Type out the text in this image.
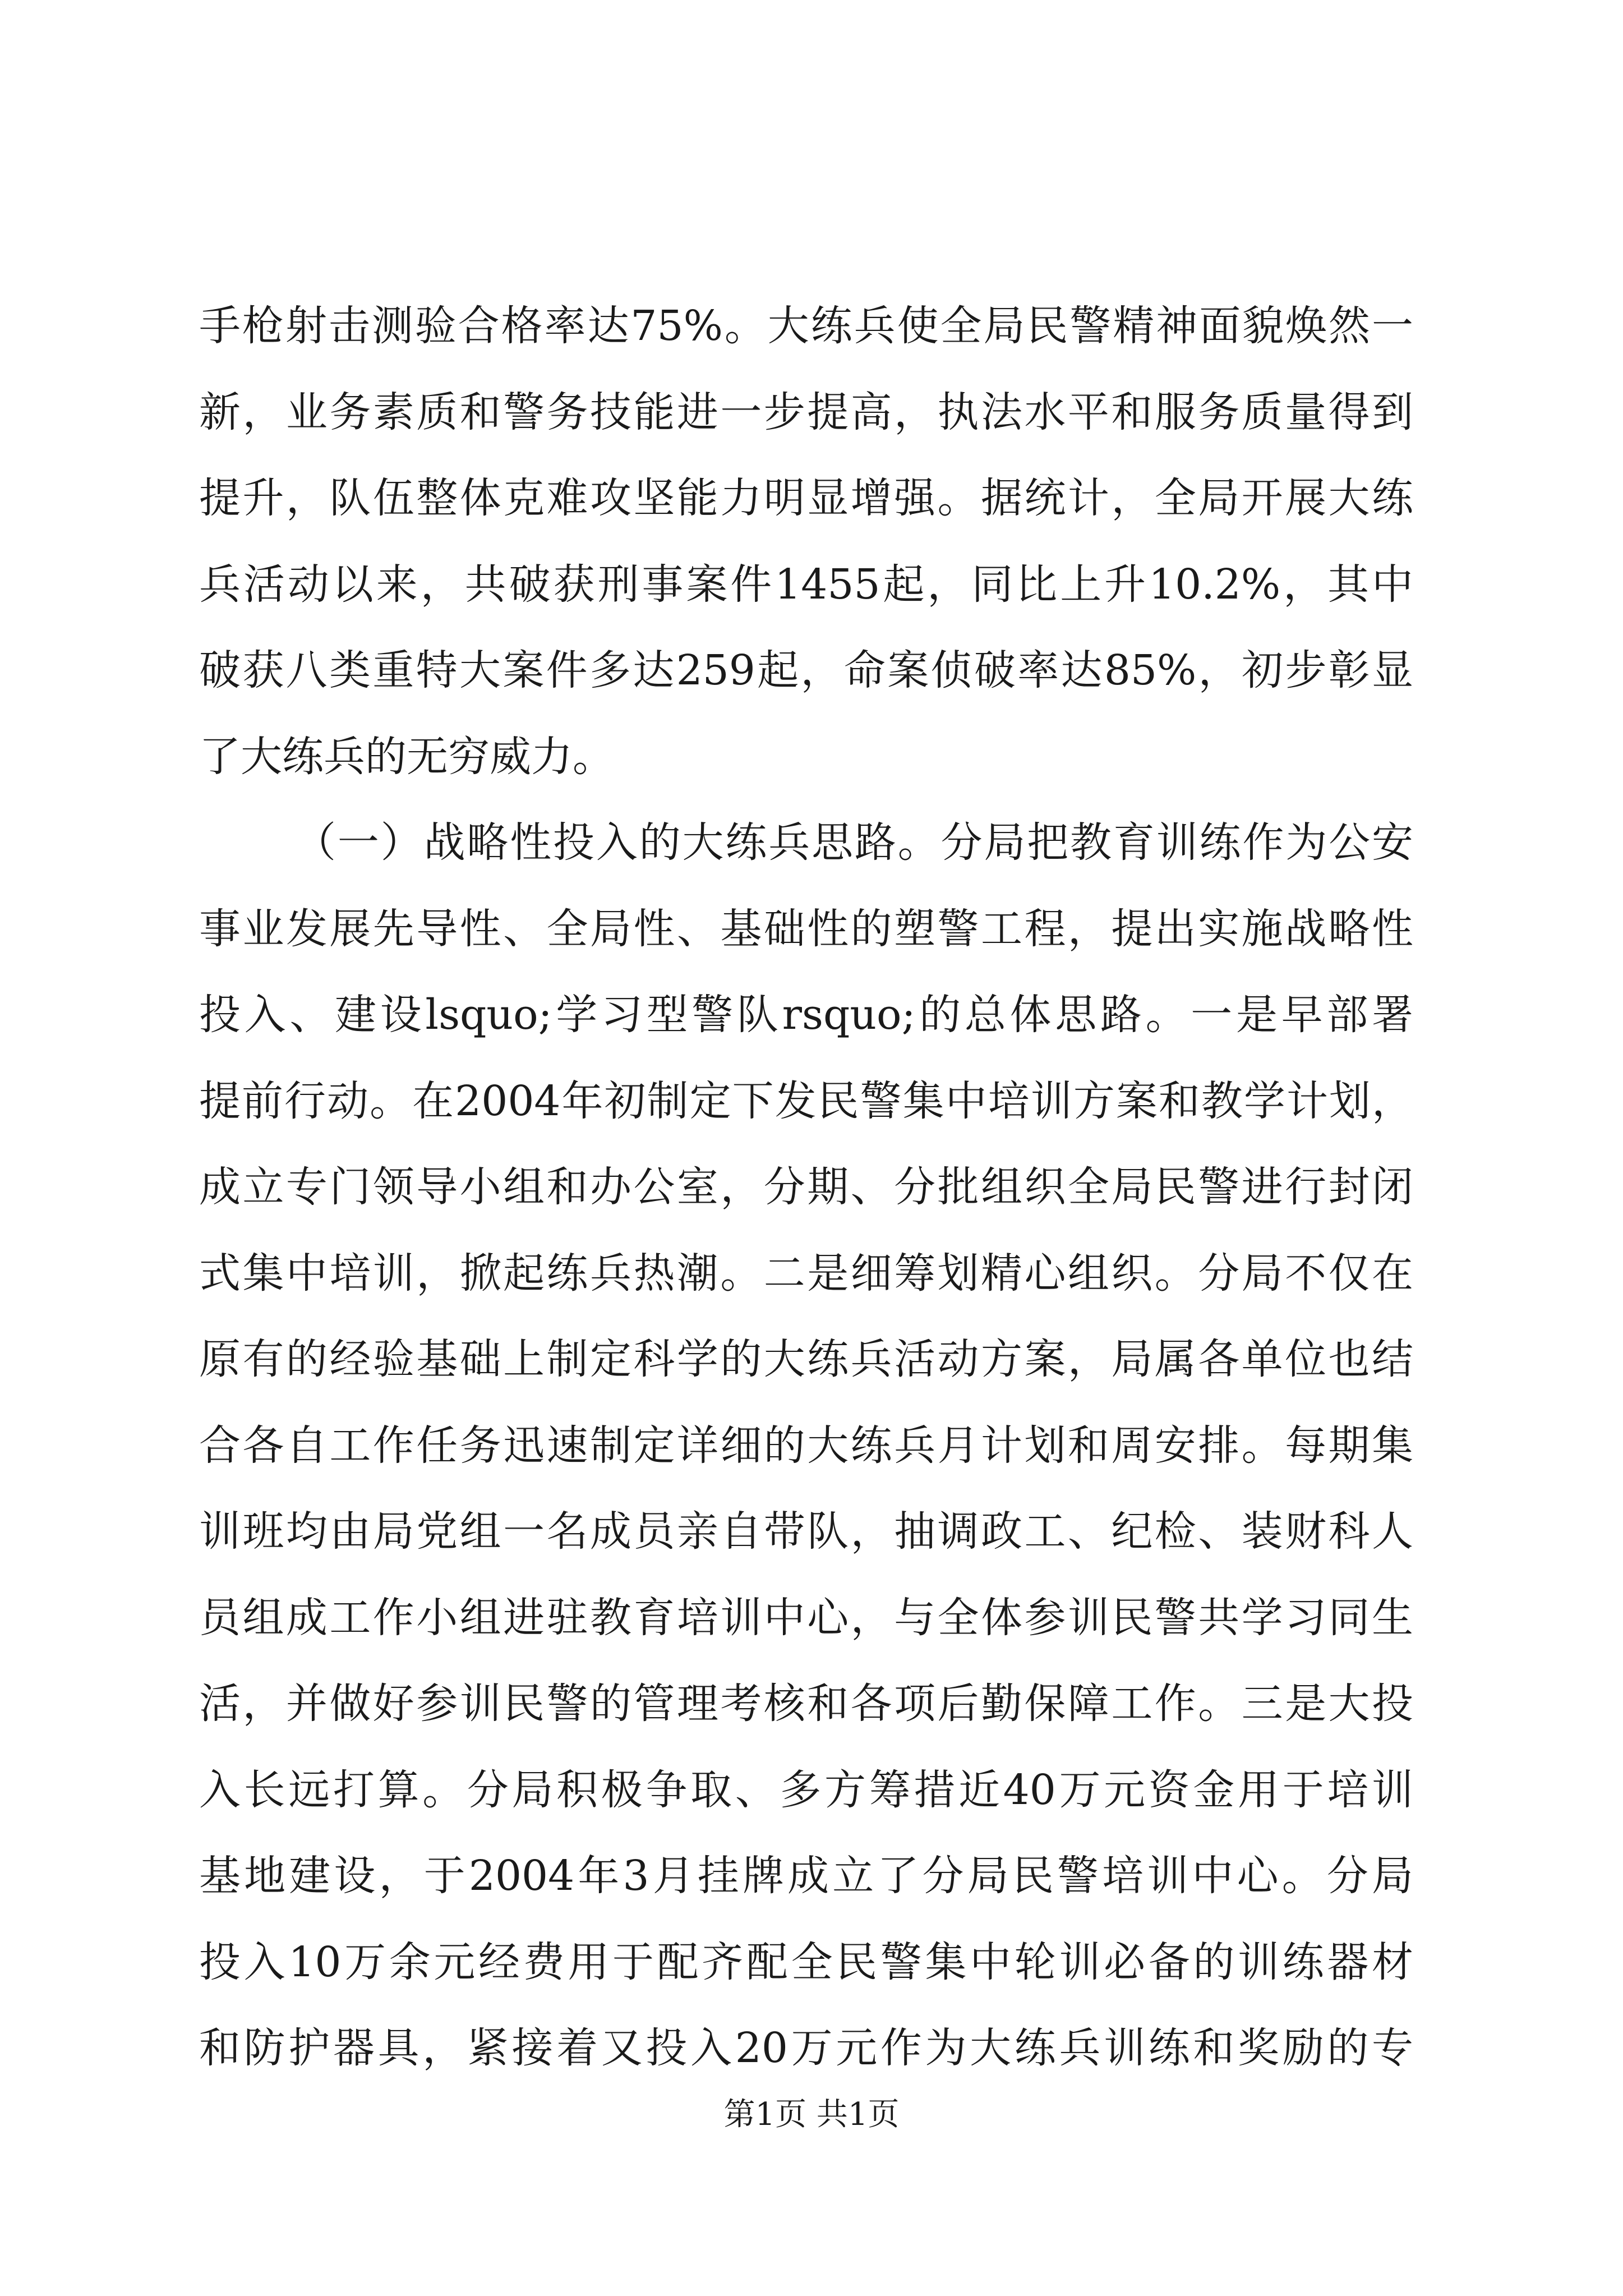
手枪射击测验合格率达75%。大练兵使全局民警精神面貌焕然一
新，业务素质和警务技能进一步提高，执法水平和服务质量得到
提升，队伍整体克难攻坚能力明显增强。据统计，全局开展大练
兵活动以来，共破获刑事案件1455起，同比上升10.2%，其中
破获八类重特大案件多达259起，命案侦破率达85%，初步彰显
了大练兵的无穷威力。
（一）战略性投入的大练兵思路。分局把教育训练作为公安
事业发展先导性、全局性、基础性的塑警工程，提出实施战略性
投入、建设lsquo;学习型警队rsquo;的总体思路。一是早部署
提前行动。在2004年初制定下发民警集中培训方案和教学计划，
成立专门领导小组和办公室，分期、分批组织全局民警进行封闭
式集中培训，掀起练兵热潮。二是细筹划精心组织。分局不仅在
原有的经验基础上制定科学的大练兵活动方案，局属各单位也结
合各自工作任务迅速制定详细的大练兵月计划和周安排。每期集
训班均由局党组一名成员亲自带队，抽调政工、纪检、装财科人
员组成工作小组进驻教育培训中心，与全体参训民警共学习同生
活，并做好参训民警的管理考核和各项后勤保障工作。三是大投
入长远打算。分局积极争取、多方筹措近40万元资金用于培训
基地建设，于2004年3月挂牌成立了分局民警培训中心。分局
投入10万余元经费用于配齐配全民警集中轮训必备的训练器材
和防护器具，紧接着又投入20万元作为大练兵训练和奖励的专
第1页 共1页
